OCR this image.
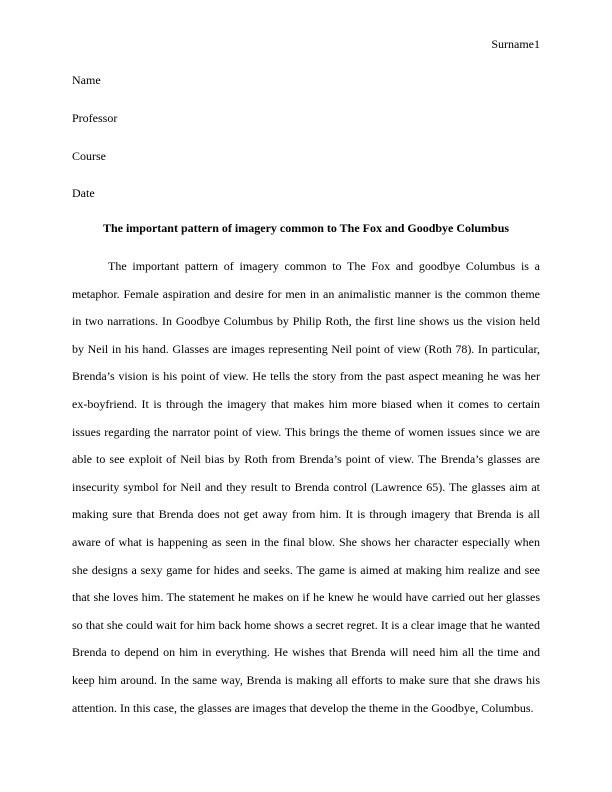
Surname1
Name
Professor
Course
Date
The important pattern of imagery common to The Fox and Goodbye Columbus
The important pattern of imagery common to The Fox and goodbye Columbus is a
metaphor. Female aspiration and desire for men in an animalistic manner is the common theme
in two narrations. In Goodbye Columbus by Philip Roth, the first line shows us the vision held
by Neil in his hand. Glasses are images representing Neil point of view (Roth 78). In particular,
Brenda’s vision is his point of view. He tells the story from the past aspect meaning he was her
ex-boyfriend. It is through the imagery that makes him more biased when it comes to certain
issues regarding the narrator point of view. This brings the theme of women issues since we are
able to see exploit of Neil bias by Roth from Brenda’s point of view. The Brenda’s glasses are
insecurity symbol for Neil and they result to Brenda control (Lawrence 65). The glasses aim at
making sure that Brenda does not get away from him. It is through imagery that Brenda is all
aware of what is happening as seen in the final blow. She shows her character especially when
she designs a sexy game for hides and seeks. The game is aimed at making him realize and see
that she loves him. The statement he makes on if he knew he would have carried out her glasses
so that she could wait for him back home shows a secret regret. It is a clear image that he wanted
Brenda to depend on him in everything. He wishes that Brenda will need him all the time and
keep him around. In the same way, Brenda is making all efforts to make sure that she draws his
attention. In this case, the glasses are images that develop the theme in the Goodbye, Columbus.
